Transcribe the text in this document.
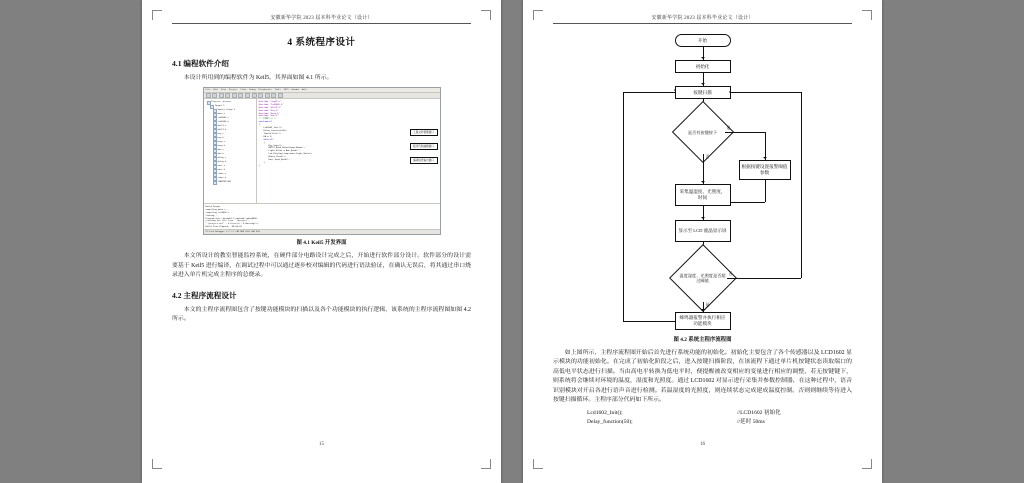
安徽新华学院 2023 届本科毕业论文（设计）
4 系统程序设计
4.1 编程软件介绍

本设计所用到的编程软件为 Keil5，其界面如图 4.1 所示。

File Edit View Project Flash Debug Peripherals Tools SVCS Window Help
Project: project
Target 1
Source Group 1
main.c
lcd1602.c
lcd1602.h
dht11.c
dht11.h
key.c
key.h
beep.c
beep.h
adc.c
adc.h
delay.c
delay.h
uart.c
uart.h
timer.c
timer.h
STARTUP.A51
#include "reg52.h"
#include "lcd1602.h"
#include "dht11.h"
#include "key.h"
#include "beep.h"
#include "adc.h"
/* 主函数入口 */
void main()
{
Lcd1602_Init();
Delay_function(50);
Timer0_Init();
EA = 1;
while(1)
{
Key_Scan();
DHT11_Read_Data(&temp,&humi);
Light_Value = Adc_Read();
Lcd_Display(temp,humi,Light_Value);
Alarm_Check();
Uart_Send_Data();
}
}
工程文件管理窗口
程序代码编辑窗口
编译信息输出窗口
Build Output
compiling main.c...
compiling lcd1602.c...
linking...
Program Size: data=62.1 xdata=0 code=4836
creating hex file from ".\project"...
".\project.axf" - 0 Error(s), 0 Warning(s).
Build Time Elapsed:  00:00:02
ST-Link Debugger L:1 C:1 CAP NUM SCRL OVR R/W
图 4.1 Keil5 开发界面

本文所设计的教室智能监控系统，在硬件部分电路设计完成之后，开始进行软件部分设计。软件部分的设计需要基于 Keil5 进行编译，在调试过程中可以通过逐步校对编辑的代码进行语法验证，在确认无误后，将其通过串口烧录进入单片机完成主程序的总烧录。

4.2 主程序流程设计

本文的主程序流程图包含了按键功能模块的扫描以及各个功能模块的执行逻辑，该系统的主程序流程图如图 4.2 所示。

15
安徽新华学院 2023 届本科毕业论文（设计）
开始
初始化
按键扫描
是否有按键按下
是
否
根据按键设置报警阈值参数
采集温湿度、光照度、时间
显示至 LCD 液晶显示屏
温度湿度、光照度是否超过阈值
是
否
蜂鸣器报警并执行相应功能模块
图 4.2 系统主程序流程图

如上图所示，主程序流程图开始后首先进行系统功能的初始化。初始化主要包含了各个传感器以及 LCD1602 显示模块的功能初始化。在完成了初始化阶段之后，进入按键扫描阶段，在该流程下通过单片机按键状态读取端口的高低电平状态进行扫描。当由高电平转换为低电平时，便提醒被改变相应的变量进行相应的调整，若无按键键下，则系统将会继续对环境的温度，湿度和光照度。通过 LCD1602 对显示进行采集并参数控制器，在这种过程中，语音识别模块对开启各进行语声音进行检测。若温湿度的光照度，则连续状态完成建成温度控制。否则则继续等待进入按键扫描循环。主程序部分代码如下所示。

Lcd1602_Init();	//LCD1602 初始化
Delay_function(50);	//延时 50ms
16
